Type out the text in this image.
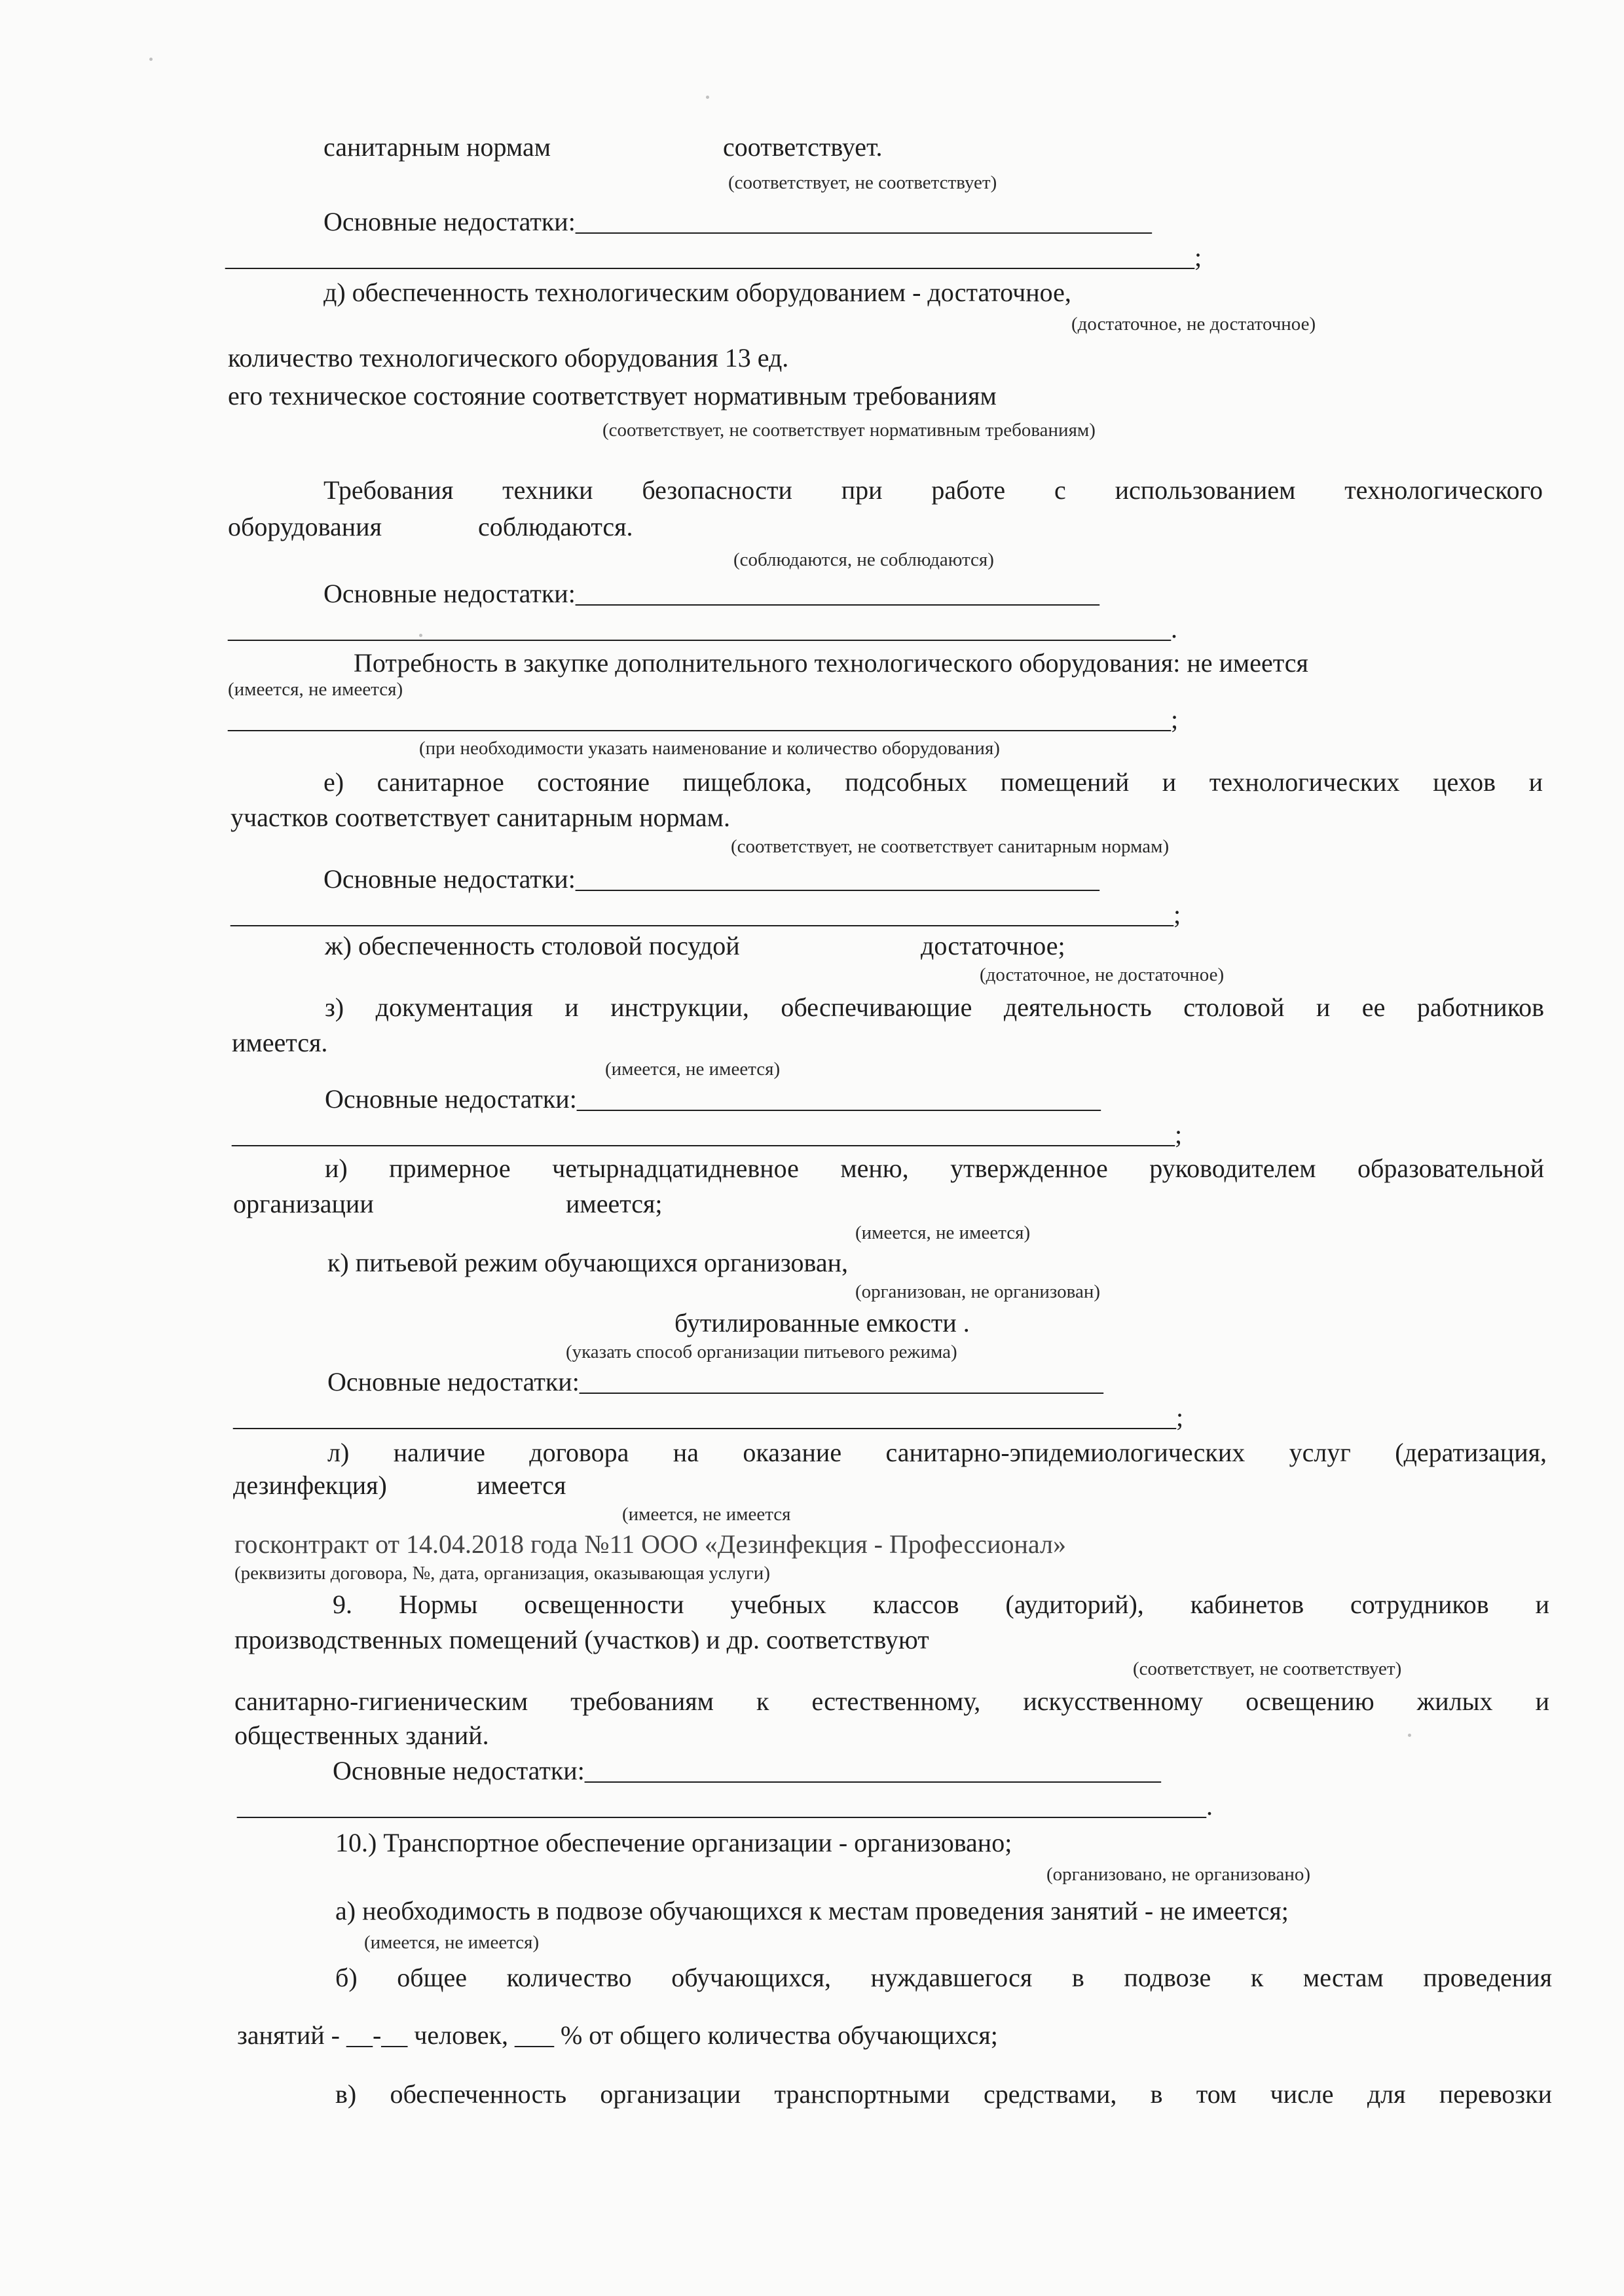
санитарным нормам	соответствует.
(соответствует, не соответствует)
Основные недостатки:____________________________________________
__________________________________________________________________________;
д) обеспеченность технологическим оборудованием - достаточное,
(достаточное, не достаточное)
количество технологического оборудования 13 ед.
его техническое состояние соответствует нормативным требованиям
(соответствует, не соответствует нормативным требованиям)
Требования техники безопасности при работе с использованием технологического
оборудования	соблюдаются.
(соблюдаются, не соблюдаются)
Основные недостатки:________________________________________
________________________________________________________________________.
Потребность в закупке дополнительного технологического оборудования: не имеется
(имеется, не имеется)
________________________________________________________________________;
(при необходимости указать наименование и количество оборудования)
е) санитарное состояние пищеблока, подсобных помещений и технологических цехов и
участков соответствует санитарным нормам.
(соответствует, не соответствует санитарным нормам)
Основные недостатки:________________________________________
________________________________________________________________________;
ж) обеспеченность столовой посудой	достаточное;
(достаточное, не достаточное)
з) документация и инструкции, обеспечивающие деятельность столовой и ее работников
имеется.
(имеется, не имеется)
Основные недостатки:________________________________________
________________________________________________________________________;
и) примерное четырнадцатидневное меню, утвержденное руководителем образовательной
организации	имеется;
(имеется, не имеется)
к) питьевой режим обучающихся организован,
(организован, не организован)
бутилированные емкости .
(указать способ организации питьевого режима)
Основные недостатки:________________________________________
________________________________________________________________________;
л) наличие договора на оказание санитарно-эпидемиологических услуг (дератизация,
дезинфекция)	имеется
(имеется, не имеется
госконтракт от 14.04.2018 года №11 ООО «Дезинфекция - Профессионал»
(реквизиты договора, №, дата, организация, оказывающая услуги)
9. Нормы освещенности учебных классов (аудиторий), кабинетов сотрудников и
производственных помещений (участков) и др. соответствуют
(соответствует, не соответствует)
санитарно-гигиеническим требованиям к естественному, искусственному освещению жилых и
общественных зданий.
Основные недостатки:____________________________________________
__________________________________________________________________________.
10.) Транспортное обеспечение организации - организовано;
(организовано, не организовано)
а) необходимость в подвозе обучающихся к местам проведения занятий - не имеется;
(имеется, не имеется)
б) общее количество обучающихся, нуждавшегося в подвозе к местам проведения
занятий - __-__ человек, ___ % от общего количества обучающихся;
в) обеспеченность организации транспортными средствами, в том числе для перевозки
